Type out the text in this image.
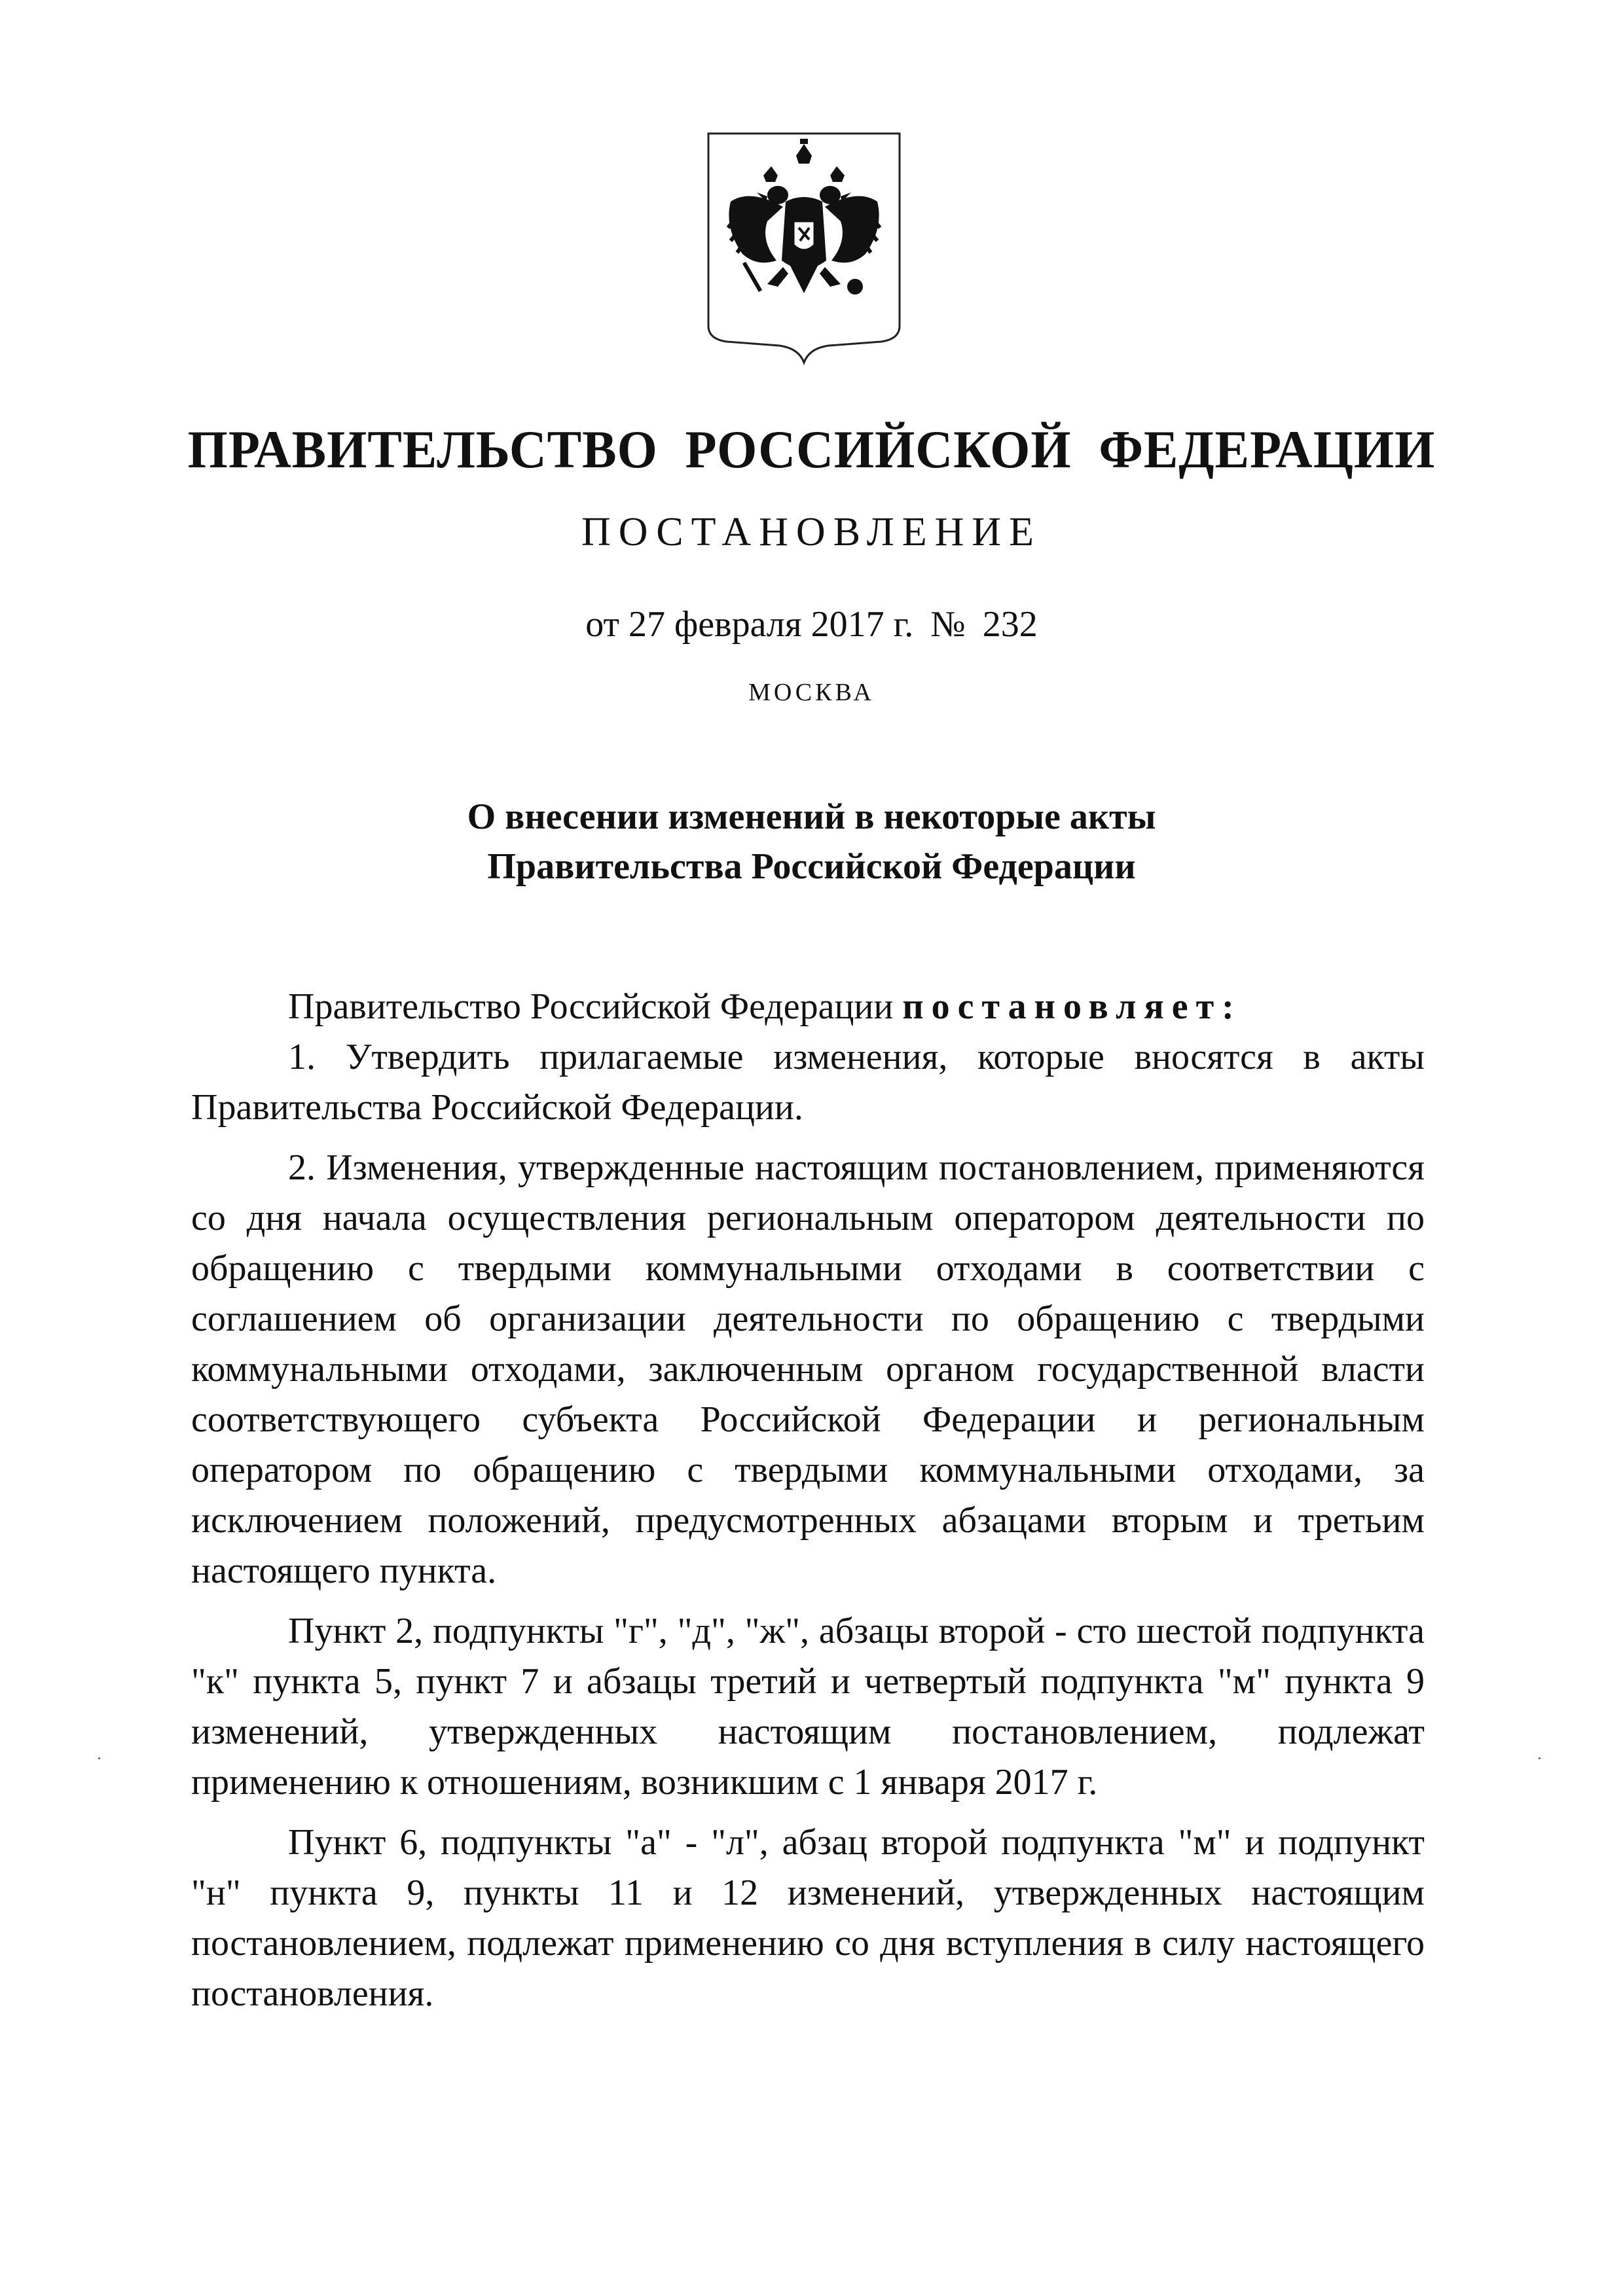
ПРАВИТЕЛЬСТВО РОССИЙСКОЙ ФЕДЕРАЦИИ
ПОСТАНОВЛЕНИЕ
от 27 февраля 2017 г. № 232
МОСКВА
О внесении изменений в некоторые акты
Правительства Российской Федерации

Правительство Российской Федерации постановляет:

1. Утвердить прилагаемые изменения, которые вносятся в акты Правительства Российской Федерации.

2. Изменения, утвержденные настоящим постановлением, применяются со дня начала осуществления региональным оператором деятельности по обращению с твердыми коммунальными отходами в соответствии с соглашением об организации деятельности по обращению с твердыми коммунальными отходами, заключенным органом государственной власти соответствующего субъекта Российской Федерации и региональным оператором по обращению с твердыми коммунальными отходами, за исключением положений, предусмотренных абзацами вторым и третьим настоящего пункта.

Пункт 2, подпункты "г", "д", "ж", абзацы второй - сто шестой подпункта "к" пункта 5, пункт 7 и абзацы третий и четвертый подпункта "м" пункта 9 изменений, утвержденных настоящим постановлением, подлежат применению к отношениям, возникшим с 1 января 2017 г.

Пункт 6, подпункты "а" - "л", абзац второй подпункта "м" и подпункт "н" пункта 9, пункты 11 и 12 изменений, утвержденных настоящим постановлением, подлежат применению со дня вступления в силу настоящего постановления.
